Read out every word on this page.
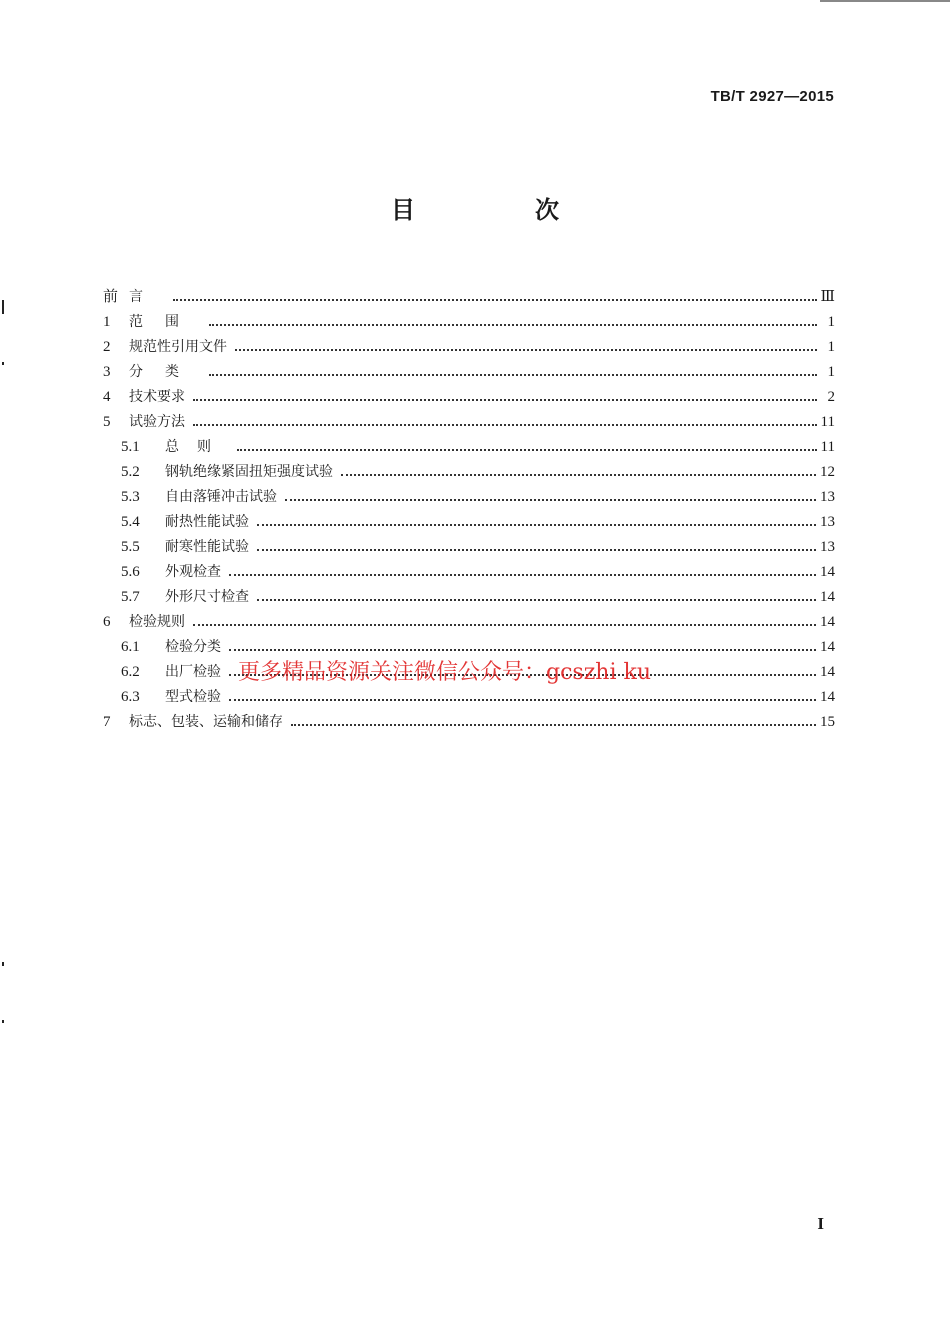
TB/T 2927—2015
目　次
前 言	Ⅲ
1	范围	1
2	规范性引用文件	1
3	分类	1
4	技术要求	2
5	试验方法	11
5.1	总则	11
5.2	钢轨绝缘紧固扭矩强度试验	12
5.3	自由落锤冲击试验	13
5.4	耐热性能试验	13
5.5	耐寒性能试验	13
5.6	外观检查	14
5.7	外形尺寸检查	14
6	检验规则	14
6.1	检验分类	14
6.2	出厂检验	14
6.3	型式检验	14
7	标志、包装、运输和储存	15
更多精品资源关注微信公众号：gcszhi ku
I
